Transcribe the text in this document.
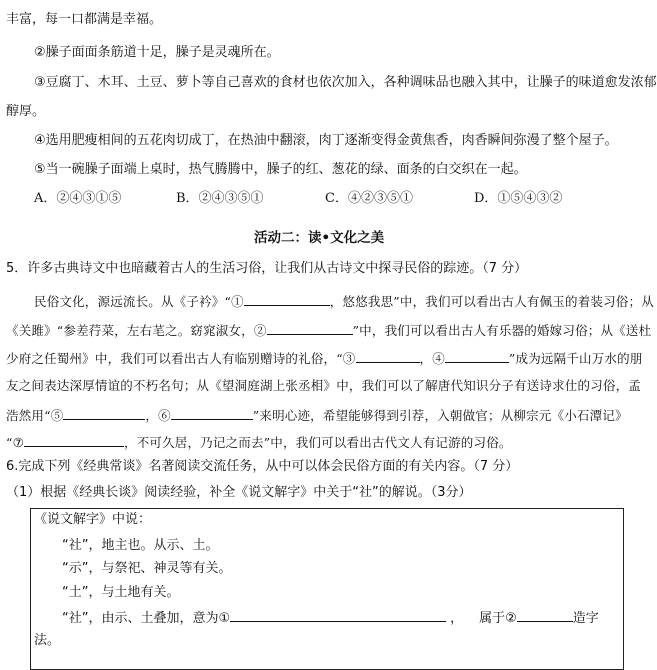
丰富，每一口都满是幸福。
②臊子面面条筋道十足，臊子是灵魂所在。
③豆腐丁、木耳、土豆、萝卜等自己喜欢的食材也依次加入，各种调味品也融入其中，让臊子的味道愈发浓郁
醇厚。
④选用肥瘦相间的五花肉切成丁，在热油中翻滚，肉丁逐渐变得金黄焦香，肉香瞬间弥漫了整个屋子。
⑤当一碗臊子面端上桌时，热气腾腾中，臊子的红、葱花的绿、面条的白交织在一起。
A．②④③①⑤	B．②④③⑤①	C．④②③⑤①	D．①⑤④③②
活动二：读•文化之美
5．许多古典诗文中也暗藏着古人的生活习俗，让我们从古诗文中探寻民俗的踪迹。（7 分）
民俗文化，源远流长。从《子衿》“①	，悠悠我思”中，我们可以看出古人有佩玉的着装习俗；从
《关雎》“参差荇菜，左右芼之。窈窕淑女，②	”中，我们可以看出古人有乐器的婚嫁习俗；从《送杜
少府之任蜀州》中，我们可以看出古人有临别赠诗的礼俗，“③	，④	”成为远隔千山万水的朋
友之间表达深厚情谊的不朽名句；从《望洞庭湖上张丞相》中，我们可以了解唐代知识分子有送诗求仕的习俗，孟
浩然用“⑤	，⑥	”来明心迹，希望能够得到引荐，入朝做官；从柳宗元《小石潭记》
“⑦	，不可久居，乃记之而去”中，我们可以看出古代文人有记游的习俗。
6.完成下列《经典常谈》名著阅读交流任务，从中可以体会民俗方面的有关内容。（7 分）
（1）根据《经典长谈》阅读经验，补全《说文解字》中关于“社”的解说。（3分）
《说文解字》中说：
“社”，地主也。从示、土。
“示”，与祭祀、神灵等有关。
“土”，与土地有关。
“社”，由示、土叠加，意为①	， 属于②	造字
法。
